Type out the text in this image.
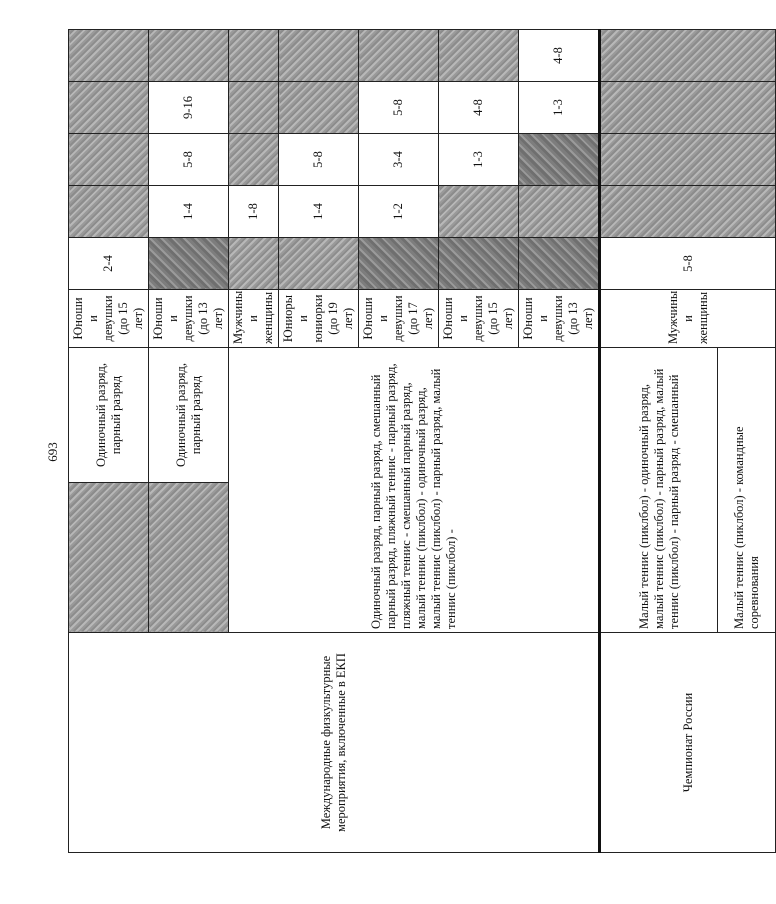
693
Международные физкультурные мероприятия, включенные в ЕКП		Одиночный разряд, парный разряд	Юноши и девушки (до 15 лет)	2-4				
		Одиночный разряд, парный разряд	Юноши и девушки (до 13 лет)		1-4	5-8	9-16	
	Одиночный разряд, парный разряд, смешанный парный разряд, пляжный теннис - парный разряд, пляжный теннис - смешанный парный разряд, малый теннис (пиклбол) - одиночный разряд, малый теннис (пиклбол) - парный разряд, малый теннис (пиклбол) -		Мужчины и женщины		1-8			
			Юниоры и юниорки (до 19 лет)		1-4	5-8		
			Юноши и девушки (до 17 лет)		1-2	3-4	5-8	
			Юноши и девушки (до 15 лет)			1-3	4-8	
			Юноши и девушки (до 13 лет)				1-3	4-8
Чемпионат России	Малый теннис (пиклбол) - одиночный разряд, малый теннис (пиклбол) - парный разряд, малый теннис (пиклбол) - парный разряд - смешанный		Мужчины и женщины	5-8				
	Малый теннис (пиклбол) - командные соревнования							
